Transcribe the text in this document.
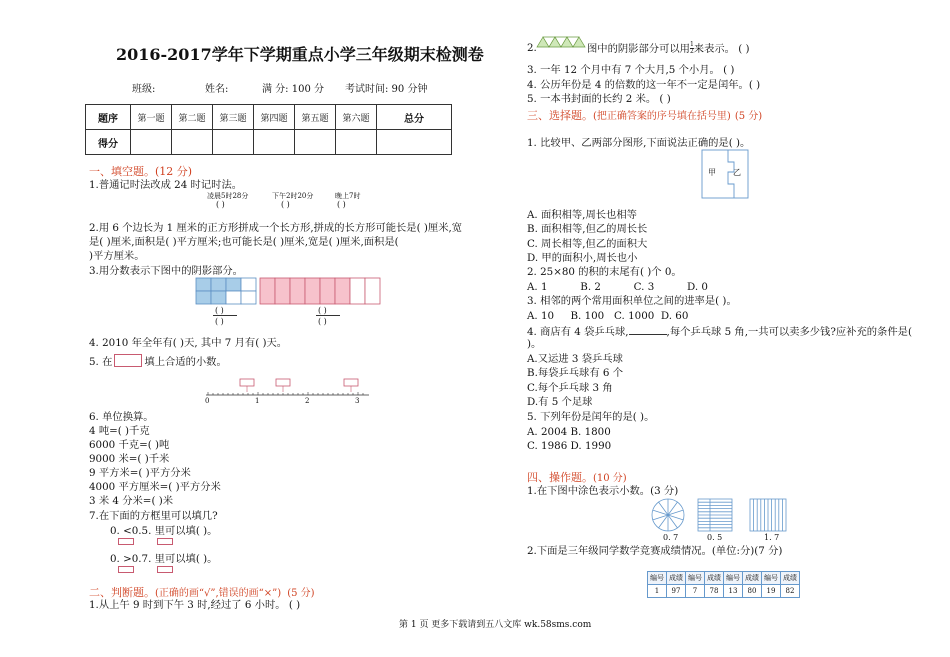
2016-2017学年下学期重点小学三年级期末检测卷
班级:	姓名:	满 分: 100 分 考试时间: 90 分钟
题序	第一题	第二题	第三题	第四题	第五题	第六题	总分
得分							
一、填空题。(12 分)
1.普通记时法改成 24 时记时法。
凌晨5时28分	下午2时20分	晚上7时
( )	( )	( )
2.用 6 个边长为 1 厘米的正方形拼成一个长方形,拼成的长方形可能长是( )厘米,宽
是( )厘米,面积是( )平方厘米;也可能长是( )厘米,宽是( )厘米,面积是(
)平方厘米。
3.用分数表示下图中的阴影部分。
( )
( )
( )
( )
4. 2010 年全年有( )天, 其中 7 月有( )天。
5. 在	填上合适的小数。
0	1	2	3
6. 单位换算。
4 吨=( )千克
6000 千克=( )吨
9000 米=( )千米
9 平方米=( )平方分米
4000 平方厘米=( )平方分米
3 米 4 分米=( )米
7.在下面的方框里可以填几?
0. <0.5. 里可以填( )。
0. >0.7. 里可以填( )。
二、判断题。(正确的画“√”,错误的画“×”) (5 分)
1.从上午 9 时到下午 3 时,经过了 6 小时。 ( )
2.	图中的阴影部分可以用 $\frac{1}{2}$ 来表示。 ( )
3. 一年 12 个月中有 7 个大月,5 个小月。 ( )
4. 公历年份是 4 的倍数的这一年不一定是闰年。( )
5. 一本书封面的长约 2 米。 ( )
三、选择题。(把正确答案的序号填在括号里) (5 分)
1. 比较甲、乙两部分图形,下面说法正确的是( )。
甲 乙
A. 面积相等,周长也相等
B. 面积相等,但乙的周长长
C. 周长相等,但乙的面积大
D. 甲的面积小,周长也小
2. 25×80 的积的末尾有( )个 0。
A. 1          B. 2          C. 3          D. 0
3. 相邻的两个常用面积单位之间的进率是( )。
A. 10     B. 100   C. 1000  D. 60
4. 商店有 4 袋乒乓球,	,每个乒乓球 5 角,一共可以卖多少钱?应补充的条件是(
)。
A.又运进 3 袋乒乓球
B.每袋乒乓球有 6 个
C.每个乒乓球 3 角
D.有 5 个足球
5. 下列年份是闰年的是( )。
A. 2004 B. 1800
C. 1986 D. 1990
四、操作题。(10 分)
1.在下图中涂色表示小数。(3 分)
0. 7	0. 5	1. 7
2.下面是三年级同学数学竞赛成绩情况。(单位:分)(7 分)
编号	成绩	编号	成绩	编号	成绩	编号	成绩
1	97	7	78	13	80	19	82
第 1 页 更多下载请到五八文库 wk.58sms.com
